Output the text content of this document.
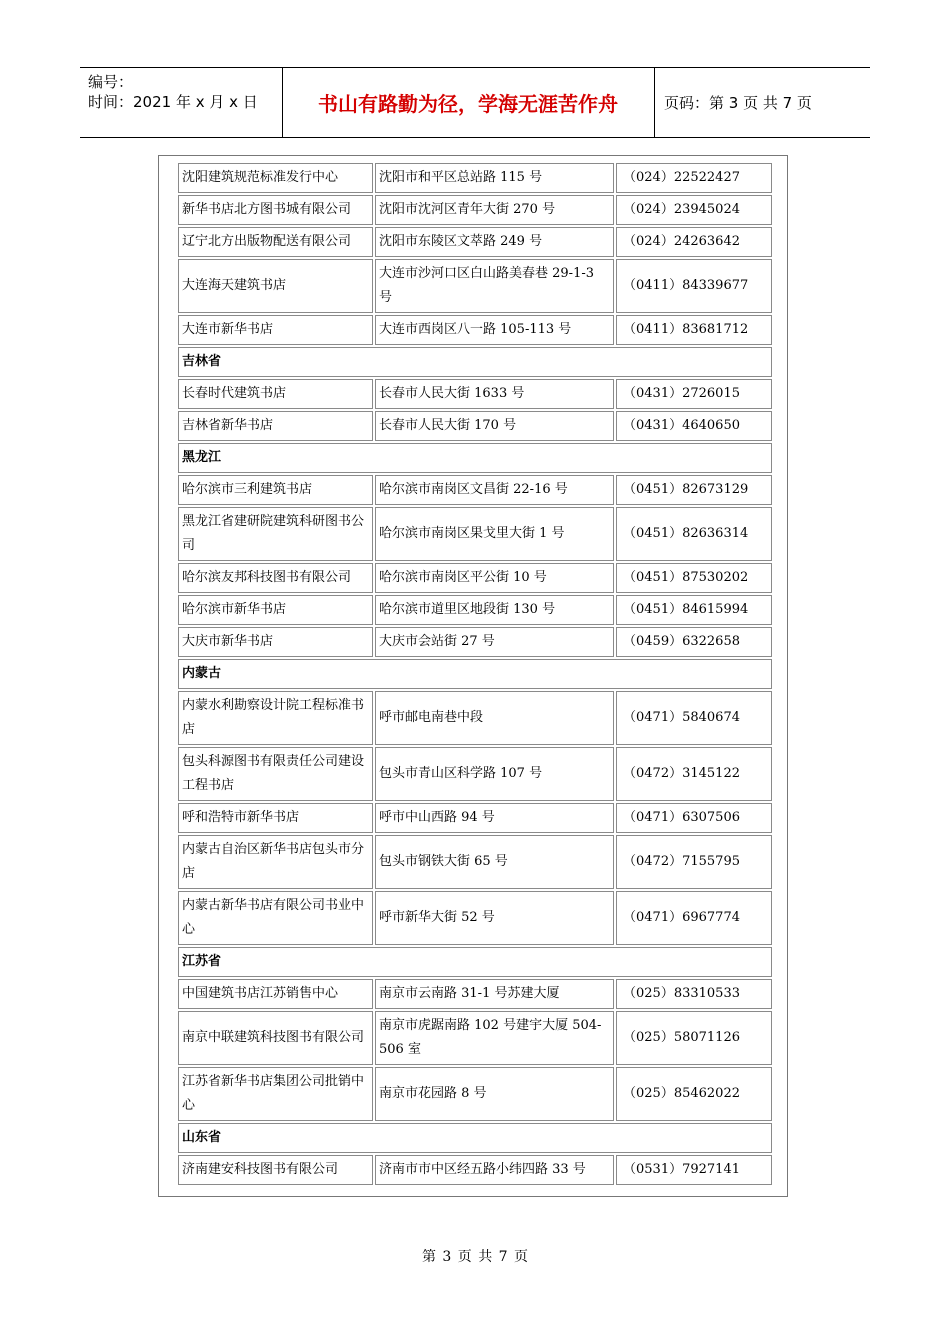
编号：
时间：2021 年 x 月 x 日	书山有路勤为径，学海无涯苦作舟	页码：第 3 页 共 7 页
沈阳建筑规范标准发行中心	沈阳市和平区总站路 115 号	（024）22522427
新华书店北方图书城有限公司	沈阳市沈河区青年大街 270 号	（024）23945024
辽宁北方出版物配送有限公司	沈阳市东陵区文萃路 249 号	（024）24263642
大连海天建筑书店	大连市沙河口区白山路美春巷 29-1-3 号	（0411）84339677
大连市新华书店	大连市西岗区八一路 105-113 号	（0411）83681712
吉林省		
长春时代建筑书店	长春市人民大街 1633 号	（0431）2726015
吉林省新华书店	长春市人民大街 170 号	（0431）4640650
黑龙江		
哈尔滨市三利建筑书店	哈尔滨市南岗区文昌街 22-16 号	（0451）82673129
黑龙江省建研院建筑科研图书公司	哈尔滨市南岗区果戈里大街 1 号	（0451）82636314
哈尔滨友邦科技图书有限公司	哈尔滨市南岗区平公街 10 号	（0451）87530202
哈尔滨市新华书店	哈尔滨市道里区地段街 130 号	（0451）84615994
大庆市新华书店	大庆市会站街 27 号	（0459）6322658
内蒙古		
内蒙水利勘察设计院工程标准书店	呼市邮电南巷中段	（0471）5840674
包头科源图书有限责任公司建设工程书店	包头市青山区科学路 107 号	（0472）3145122
呼和浩特市新华书店	呼市中山西路 94 号	（0471）6307506
内蒙古自治区新华书店包头市分店	包头市钢铁大街 65 号	（0472）7155795
内蒙古新华书店有限公司书业中心	呼市新华大街 52 号	（0471）6967774
江苏省		
中国建筑书店江苏销售中心	南京市云南路 31-1 号苏建大厦	（025）83310533
南京中联建筑科技图书有限公司	南京市虎踞南路 102 号建宇大厦 504-506 室	（025）58071126
江苏省新华书店集团公司批销中心	南京市花园路 8 号	（025）85462022
山东省		
济南建安科技图书有限公司	济南市市中区经五路小纬四路 33 号	（0531）7927141
第 3 页 共 7 页
